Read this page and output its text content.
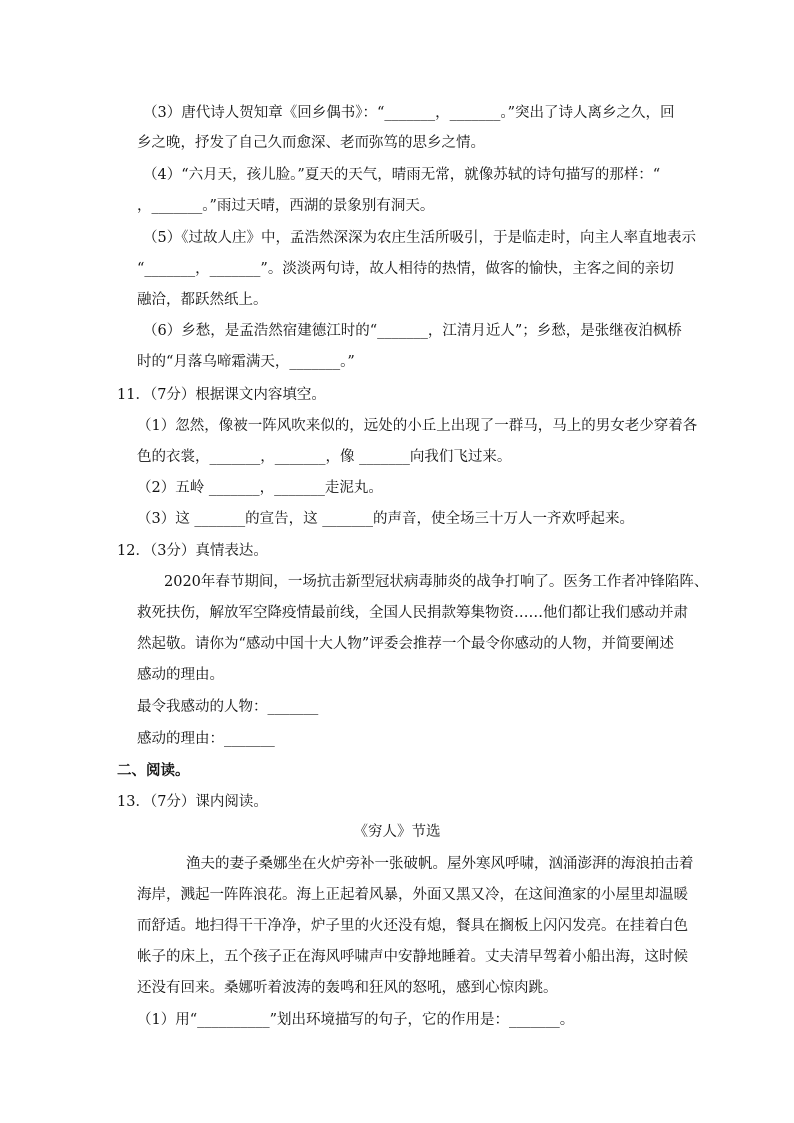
（3）唐代诗人贺知章《回乡偶书》：“_______，_______。”突出了诗人离乡之久，回
乡之晚，抒发了自己久而愈深、老而弥笃的思乡之情。
（4）“六月天，孩儿脸。”夏天的天气，晴雨无常，就像苏轼的诗句描写的那样：“
，_______。”雨过天晴，西湖的景象别有洞天。
（5）《过故人庄》中，孟浩然深深为农庄生活所吸引，于是临走时，向主人率直地表示
“_______，_______”。淡淡两句诗，故人相待的热情，做客的愉快，主客之间的亲切
融洽，都跃然纸上。
（6）乡愁，是孟浩然宿建德江时的“_______，江清月近人”；乡愁，是张继夜泊枫桥
时的“月落乌啼霜满天，_______。”
11．（7分）根据课文内容填空。
（1）忽然，像被一阵风吹来似的，远处的小丘上出现了一群马，马上的男女老少穿着各
色的衣裳，_______，_______，像 _______向我们飞过来。
（2）五岭 _______，_______走泥丸。
（3）这 _______的宣告，这 _______的声音，使全场三十万人一齐欢呼起来。
12．（3分）真情表达。
2020年春节期间，一场抗击新型冠状病毒肺炎的战争打响了。医务工作者冲锋陷阵、
救死扶伤，解放军空降疫情最前线，全国人民捐款筹集物资……他们都让我们感动并肃
然起敬。请你为“感动中国十大人物”评委会推荐一个最令你感动的人物，并简要阐述
感动的理由。
最令我感动的人物：_______
感动的理由：_______
二、阅读。
13．（7分）课内阅读。
《穷人》节选
渔夫的妻子桑娜坐在火炉旁补一张破帆。屋外寒风呼啸，汹涌澎湃的海浪拍击着
海岸，溅起一阵阵浪花。海上正起着风暴，外面又黑又冷，在这间渔家的小屋里却温暖
而舒适。地扫得干干净净，炉子里的火还没有熄，餐具在搁板上闪闪发亮。在挂着白色
帐子的床上，五个孩子正在海风呼啸声中安静地睡着。丈夫清早驾着小船出海，这时候
还没有回来。桑娜听着波涛的轰鸣和狂风的怒吼，感到心惊肉跳。
（1）用“__________”划出环境描写的句子，它的作用是：_______。
